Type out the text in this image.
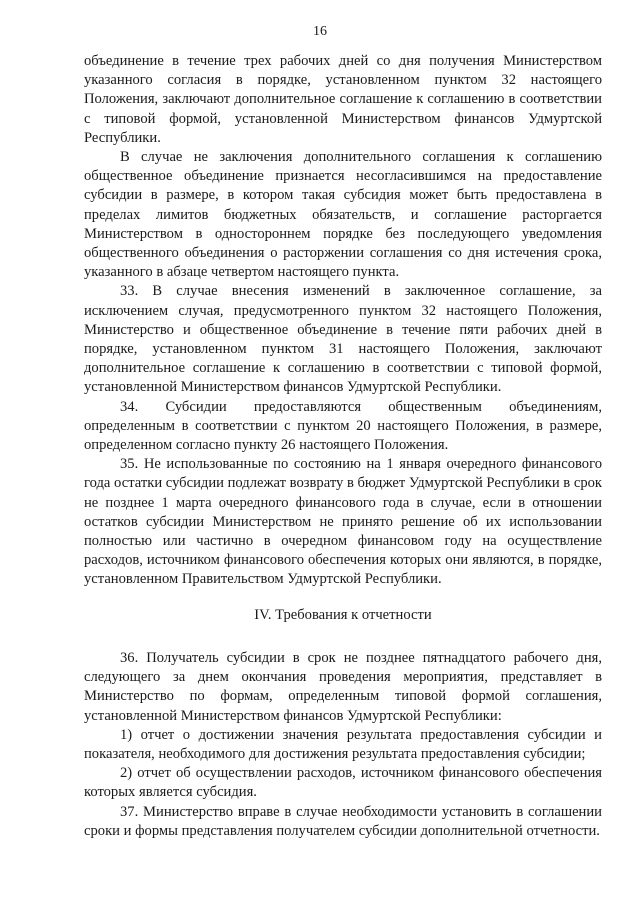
16

объединение в течение трех рабочих дней со дня получения Министерством указанного согласия в порядке, установленном пунктом 32 настоящего Положения, заключают дополнительное соглашение к соглашению в соответствии с типовой формой, установленной Министерством финансов Удмуртской Республики.

В случае не заключения дополнительного соглашения к соглашению общественное объединение признается несогласившимся на предоставление субсидии в размере, в котором такая субсидия может быть предоставлена в пределах лимитов бюджетных обязательств, и соглашение расторгается Министерством в одностороннем порядке без последующего уведомления общественного объединения о расторжении соглашения со дня истечения срока, указанного в абзаце четвертом настоящего пункта.

33. В случае внесения изменений в заключенное соглашение, за исключением случая, предусмотренного пунктом 32 настоящего Положения, Министерство и общественное объединение в течение пяти рабочих дней в порядке, установленном пунктом 31 настоящего Положения, заключают дополнительное соглашение к соглашению в соответствии с типовой формой, установленной Министерством финансов Удмуртской Республики.

34. Субсидии предоставляются общественным объединениям, определенным в соответствии с пунктом 20 настоящего Положения, в размере, определенном согласно пункту 26 настоящего Положения.

35. Не использованные по состоянию на 1 января очередного финансового года остатки субсидии подлежат возврату в бюджет Удмуртской Республики в срок не позднее 1 марта очередного финансового года в случае, если в отношении остатков субсидии Министерством не принято решение об их использовании полностью или частично в очередном финансовом году на осуществление расходов, источником финансового обеспечения которых они являются, в порядке, установленном Правительством Удмуртской Республики.

IV. Требования к отчетности

36. Получатель субсидии в срок не позднее пятнадцатого рабочего дня, следующего за днем окончания проведения мероприятия, представляет в Министерство по формам, определенным типовой формой соглашения, установленной Министерством финансов Удмуртской Республики:

1) отчет о достижении значения результата предоставления субсидии и показателя, необходимого для достижения результата предоставления субсидии;

2) отчет об осуществлении расходов, источником финансового обеспечения которых является субсидия.

37. Министерство вправе в случае необходимости установить в соглашении сроки и формы представления получателем субсидии дополнительной отчетности.
